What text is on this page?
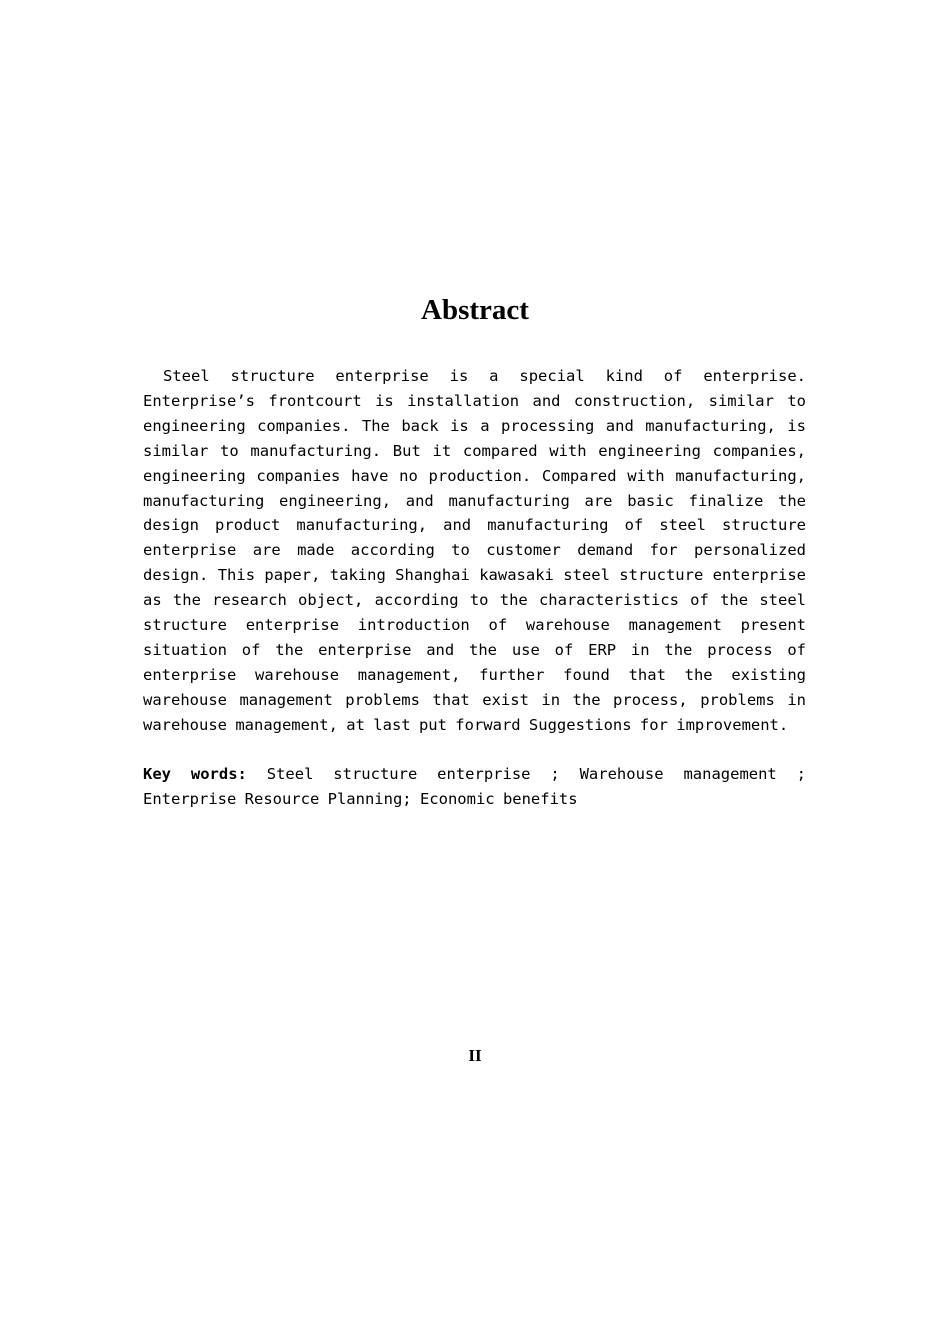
Abstract

Steel structure enterprise is a special kind of enterprise. Enterprise’s frontcourt is installation and construction, similar to engineering companies. The back is a processing and manufacturing, is similar to manufacturing. But it compared with engineering companies, engineering companies have no production. Compared with manufacturing, manufacturing engineering, and manufacturing are basic finalize the design product manufacturing, and manufacturing of steel structure enterprise are made according to customer demand for personalized design. This paper, taking Shanghai kawasaki steel structure enterprise as the research object, according to the characteristics of the steel structure enterprise introduction of warehouse management present situation of the enterprise and the use of ERP in the process of enterprise warehouse management, further found that the existing warehouse management problems that exist in the process, problems in warehouse management, at last put forward Suggestions for improvement.

Key words: Steel structure enterprise ; Warehouse management ; Enterprise Resource Planning; Economic benefits

II
